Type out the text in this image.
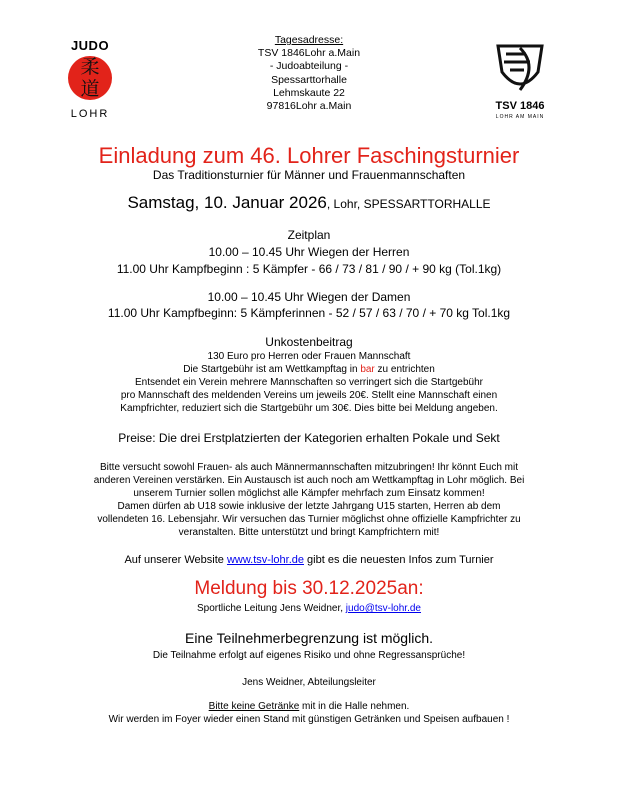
JUDO
柔
道
LOHR
Tagesadresse:
TSV 1846Lohr a.Main
- Judoabteilung -
Spessarttorhalle
Lehmskaute 22
97816Lohr a.Main	TSV 1846
LOHR AM MAIN
Einladung zum 46. Lohrer Faschingsturnier
Das Traditionsturnier für Männer und Frauenmannschaften
Samstag, 10. Januar 2026, Lohr, SPESSARTTORHALLE
Zeitplan
10.00 – 10.45 Uhr Wiegen der Herren
11.00 Uhr Kampfbeginn : 5 Kämpfer - 66 / 73 / 81 / 90 / + 90 kg (Tol.1kg)
10.00 – 10.45 Uhr Wiegen der Damen
11.00 Uhr Kampfbeginn: 5 Kämpferinnen - 52 / 57 / 63 / 70 / + 70 kg Tol.1kg
Unkostenbeitrag
130 Euro pro Herren oder Frauen Mannschaft
Die Startgebühr ist am Wettkampftag in bar zu entrichten
Entsendet ein Verein mehrere Mannschaften so verringert sich die Startgebühr
pro Mannschaft des meldenden Vereins um jeweils 20€. Stellt eine Mannschaft einen
Kampfrichter, reduziert sich die Startgebühr um 30€. Dies bitte bei Meldung angeben.
Preise: Die drei Erstplatzierten der Kategorien erhalten Pokale und Sekt
Bitte versucht sowohl Frauen- als auch Männermannschaften mitzubringen! Ihr könnt Euch mit
anderen Vereinen verstärken. Ein Austausch ist auch noch am Wettkampftag in Lohr möglich. Bei
unserem Turnier sollen möglichst alle Kämpfer mehrfach zum Einsatz kommen!
Damen dürfen ab U18 sowie inklusive der letzte Jahrgang U15 starten, Herren ab dem
vollendeten 16. Lebensjahr. Wir versuchen das Turnier möglichst ohne offizielle Kampfrichter zu
veranstalten. Bitte unterstützt und bringt Kampfrichtern mit!
Auf unserer Website www.tsv-lohr.de gibt es die neuesten Infos zum Turnier
Meldung bis 30.12.2025an:
Sportliche Leitung Jens Weidner, judo@tsv-lohr.de
Eine Teilnehmerbegrenzung ist möglich.
Die Teilnahme erfolgt auf eigenes Risiko und ohne Regressansprüche!
Jens Weidner, Abteilungsleiter
Bitte keine Getränke mit in die Halle nehmen.
Wir werden im Foyer wieder einen Stand mit günstigen Getränken und Speisen aufbauen !
